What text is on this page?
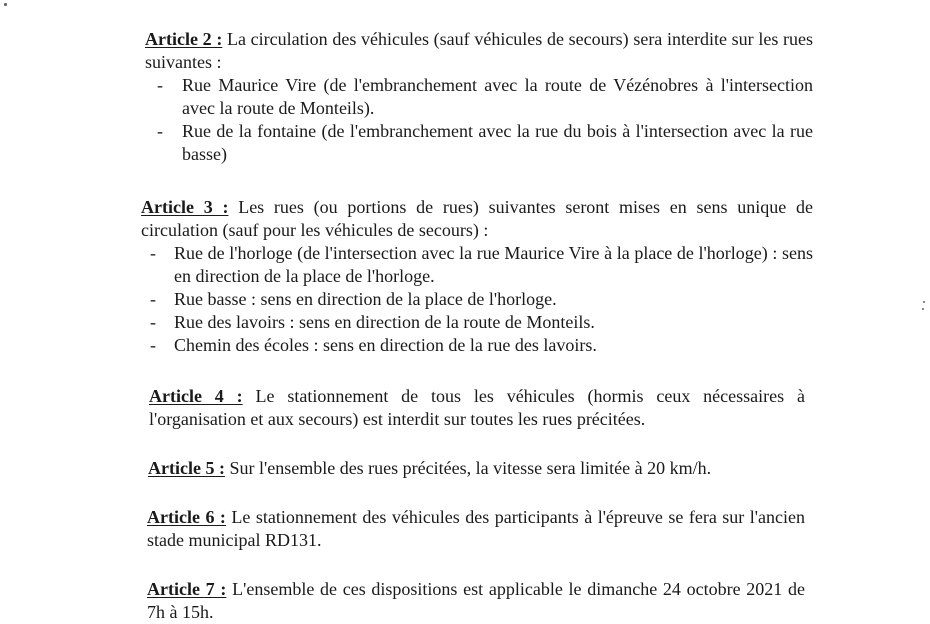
Article 2 : La circulation des véhicules (sauf véhicules de secours) sera interdite sur les rues suivantes :
- Rue Maurice Vire (de l'embranchement avec la route de Vézénobres à l'intersection avec la route de Monteils).
- Rue de la fontaine (de l'embranchement avec la rue du bois à l'intersection avec la rue basse)
Article 3 : Les rues (ou portions de rues) suivantes seront mises en sens unique de circulation (sauf pour les véhicules de secours) :
- Rue de l'horloge (de l'intersection avec la rue Maurice Vire à la place de l'horloge) : sens en direction de la place de l'horloge.
- Rue basse : sens en direction de la place de l'horloge.
- Rue des lavoirs : sens en direction de la route de Monteils.
- Chemin des écoles : sens en direction de la rue des lavoirs.
Article 4 : Le stationnement de tous les véhicules (hormis ceux nécessaires à l'organisation et aux secours) est interdit sur toutes les rues précitées.
Article 5 : Sur l'ensemble des rues précitées, la vitesse sera limitée à 20 km/h.
Article 6 : Le stationnement des véhicules des participants à l'épreuve se fera sur l'ancien stade municipal RD131.
Article 7 : L'ensemble de ces dispositions est applicable le dimanche 24 octobre 2021 de 7h à 15h.
